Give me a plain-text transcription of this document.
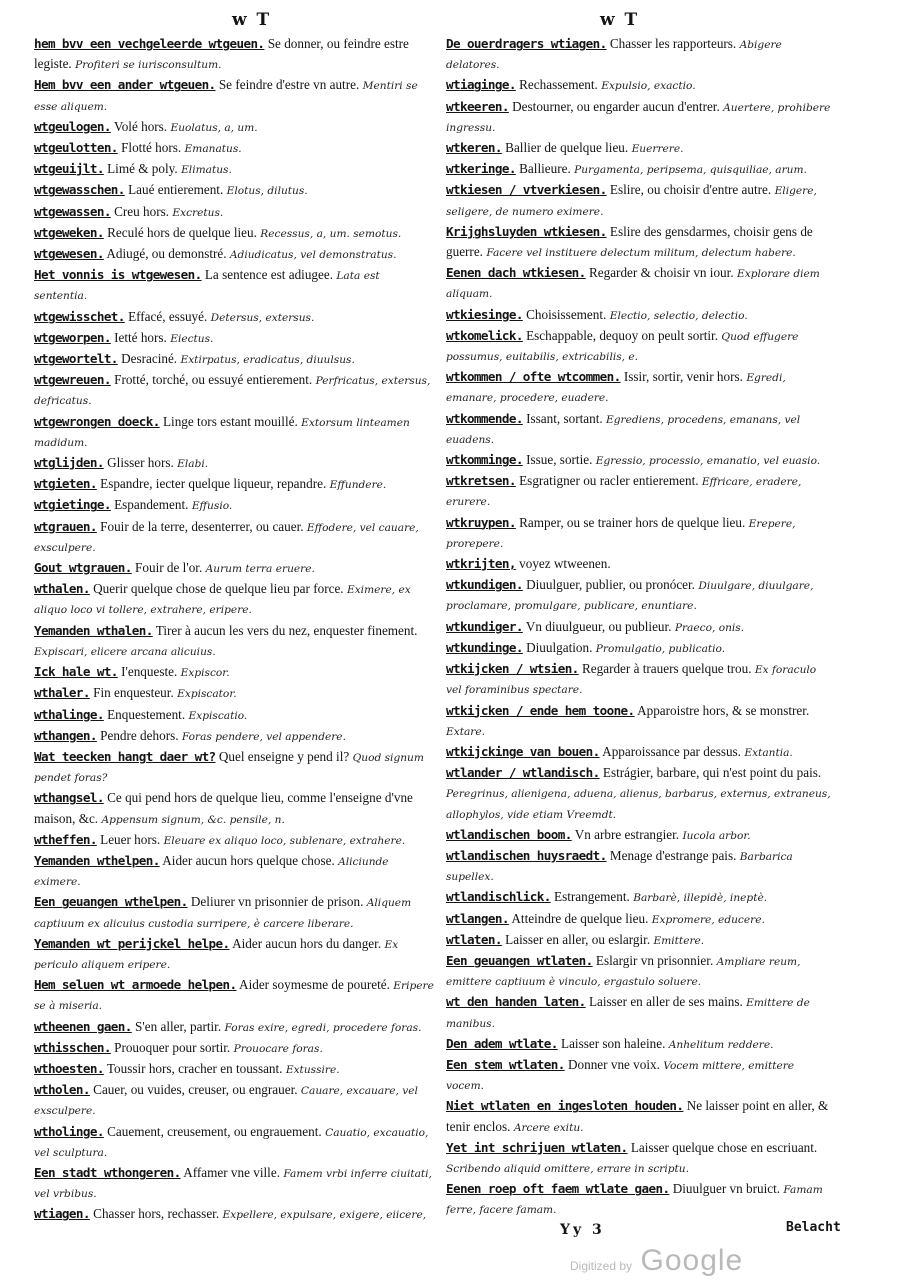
w T	w T

hem bvv een vechgeleerde wtgeuen. Se donner, ou feindre estre legiste. Profiteri se iurisconsultum.

Hem bvv een ander wtgeuen. Se feindre d'estre vn autre. Mentiri se esse aliquem.

wtgeulogen. Volé hors. Euolatus, a, um.

wtgeulotten. Flotté hors. Emanatus.

wtgeuijlt. Limé & poly. Elimatus.

wtgewasschen. Laué entierement. Elotus, dilutus.

wtgewassen. Creu hors. Excretus.

wtgeweken. Reculé hors de quelque lieu. Recessus, a, um. semotus.

wtgewesen. Adiugé, ou demonstré. Adiudicatus, vel demonstratus.

Het vonnis is wtgewesen. La sentence est adiugee. Lata est sententia.

wtgewisschet. Effacé, essuyé. Detersus, extersus.

wtgeworpen. Ietté hors. Eiectus.

wtgewortelt. Desraciné. Extirpatus, eradicatus, diuulsus.

wtgewreuen. Frotté, torché, ou essuyé entierement. Perfricatus, extersus, defricatus.

wtgewrongen doeck. Linge tors estant mouillé. Extorsum linteamen madidum.

wtglijden. Glisser hors. Elabi.

wtgieten. Espandre, iecter quelque liqueur, repandre. Effundere.

wtgietinge. Espandement. Effusio.

wtgrauen. Fouir de la terre, desenterrer, ou cauer. Effodere, vel cauare, exsculpere.

Gout wtgrauen. Fouir de l'or. Aurum terra eruere.

wthalen. Querir quelque chose de quelque lieu par force. Eximere, ex aliquo loco vi tollere, extrahere, eripere.

Yemanden wthalen. Tirer à aucun les vers du nez, enquester finement. Expiscari, elicere arcana alicuius.

Ick hale wt. I'enqueste. Expiscor.

wthaler. Fin enquesteur. Expiscator.

wthalinge. Enquestement. Expiscatio.

wthangen. Pendre dehors. Foras pendere, vel appendere.

Wat teecken hangt daer wt? Quel enseigne y pend il? Quod signum pendet foras?

wthangsel. Ce qui pend hors de quelque lieu, comme l'enseigne d'vne maison, &c. Appensum signum, &c. pensile, n.

wtheffen. Leuer hors. Eleuare ex aliquo loco, sublenare, extrahere.

Yemanden wthelpen. Aider aucun hors quelque chose. Aliciunde eximere.

Een geuangen wthelpen. Deliurer vn prisonnier de prison. Aliquem captiuum ex alicuius custodia surripere, è carcere liberare.

Yemanden wt perijckel helpe. Aider aucun hors du danger. Ex periculo aliquem eripere.

Hem seluen wt armoede helpen. Aider soymesme de poureté. Eripere se à miseria.

wtheenen gaen. S'en aller, partir. Foras exire, egredi, procedere foras.

wthisschen. Prouoquer pour sortir. Prouocare foras.

wthoesten. Toussir hors, cracher en toussant. Extussire.

wtholen. Cauer, ou vuides, creuser, ou engrauer. Cauare, excauare, vel exsculpere.

wtholinge. Cauement, creusement, ou engrauement. Cauatio, excauatio, vel sculptura.

Een stadt wthongeren. Affamer vne ville. Famem vrbi inferre ciuitati, vel vrbibus.

wtiagen. Chasser hors, rechasser. Expellere, expulsare, exigere, eiicere,

De ouerdragers wtiagen. Chasser les rapporteurs. Abigere delatores.

wtiaginge. Rechassement. Expulsio, exactio.

wtkeeren. Destourner, ou engarder aucun d'entrer. Auertere, prohibere ingressu.

wtkeren. Ballier de quelque lieu. Euerrere.

wtkeringe. Ballieure. Purgamenta, peripsema, quisquiliae, arum.

wtkiesen / vtverkiesen. Eslire, ou choisir d'entre autre. Eligere, seligere, de numero eximere.

Krijghsluyden wtkiesen. Eslire des gensdarmes, choisir gens de guerre. Facere vel instituere delectum militum, delectum habere.

Eenen dach wtkiesen. Regarder & choisir vn iour. Explorare diem aliquam.

wtkiesinge. Choisissement. Electio, selectio, delectio.

wtkomelick. Eschappable, dequoy on peult sortir. Quod effugere possumus, euitabilis, extricabilis, e.

wtkommen / ofte wtcommen. Issir, sortir, venir hors. Egredi, emanare, procedere, euadere.

wtkommende. Issant, sortant. Egrediens, procedens, emanans, vel euadens.

wtkomminge. Issue, sortie. Egressio, processio, emanatio, vel euasio.

wtkretsen. Esgratigner ou racler entierement. Effricare, eradere, erurere.

wtkruypen. Ramper, ou se trainer hors de quelque lieu. Erepere, prorepere.

wtkrijten, voyez wtweenen.

wtkundigen. Diuulguer, publier, ou pronócer. Diuulgare, diuulgare, proclamare, promulgare, publicare, enuntiare.

wtkundiger. Vn diuulgueur, ou publieur. Praeco, onis.

wtkundinge. Diuulgation. Promulgatio, publicatio.

wtkijcken / wtsien. Regarder à trauers quelque trou. Ex foraculo vel foraminibus spectare.

wtkijcken / ende hem toone. Apparoistre hors, & se monstrer. Extare.

wtkijckinge van bouen. Apparoissance par dessus. Extantia.

wtlander / wtlandisch. Estrágier, barbare, qui n'est point du pais. Peregrinus, alienigena, aduena, alienus, barbarus, externus, extraneus, allophylos, vide etiam Vreemdt.

wtlandischen boom. Vn arbre estrangier. Iucola arbor.

wtlandischen huysraedt. Menage d'estrange pais. Barbarica supellex.

wtlandischlick. Estrangement. Barbarè, illepidè, ineptè.

wtlangen. Atteindre de quelque lieu. Expromere, educere.

wtlaten. Laisser en aller, ou eslargir. Emittere.

Een geuangen wtlaten. Eslargir vn prisonnier. Ampliare reum, emittere captiuum è vinculo, ergastulo soluere.

wt den handen laten. Laisser en aller de ses mains. Emittere de manibus.

Den adem wtlate. Laisser son haleine. Anhelitum reddere.

Een stem wtlaten. Donner vne voix. Vocem mittere, emittere vocem.

Niet wtlaten en ingesloten houden. Ne laisser point en aller, & tenir enclos. Arcere exitu.

Yet int schrijuen wtlaten. Laisser quelque chose en escriuant. Scribendo aliquid omittere, errare in scriptu.

Eenen roep oft faem wtlate gaen. Diuulguer vn bruict. Famam ferre, facere famam.

Yy 3	Belacht
Digitized by Google
